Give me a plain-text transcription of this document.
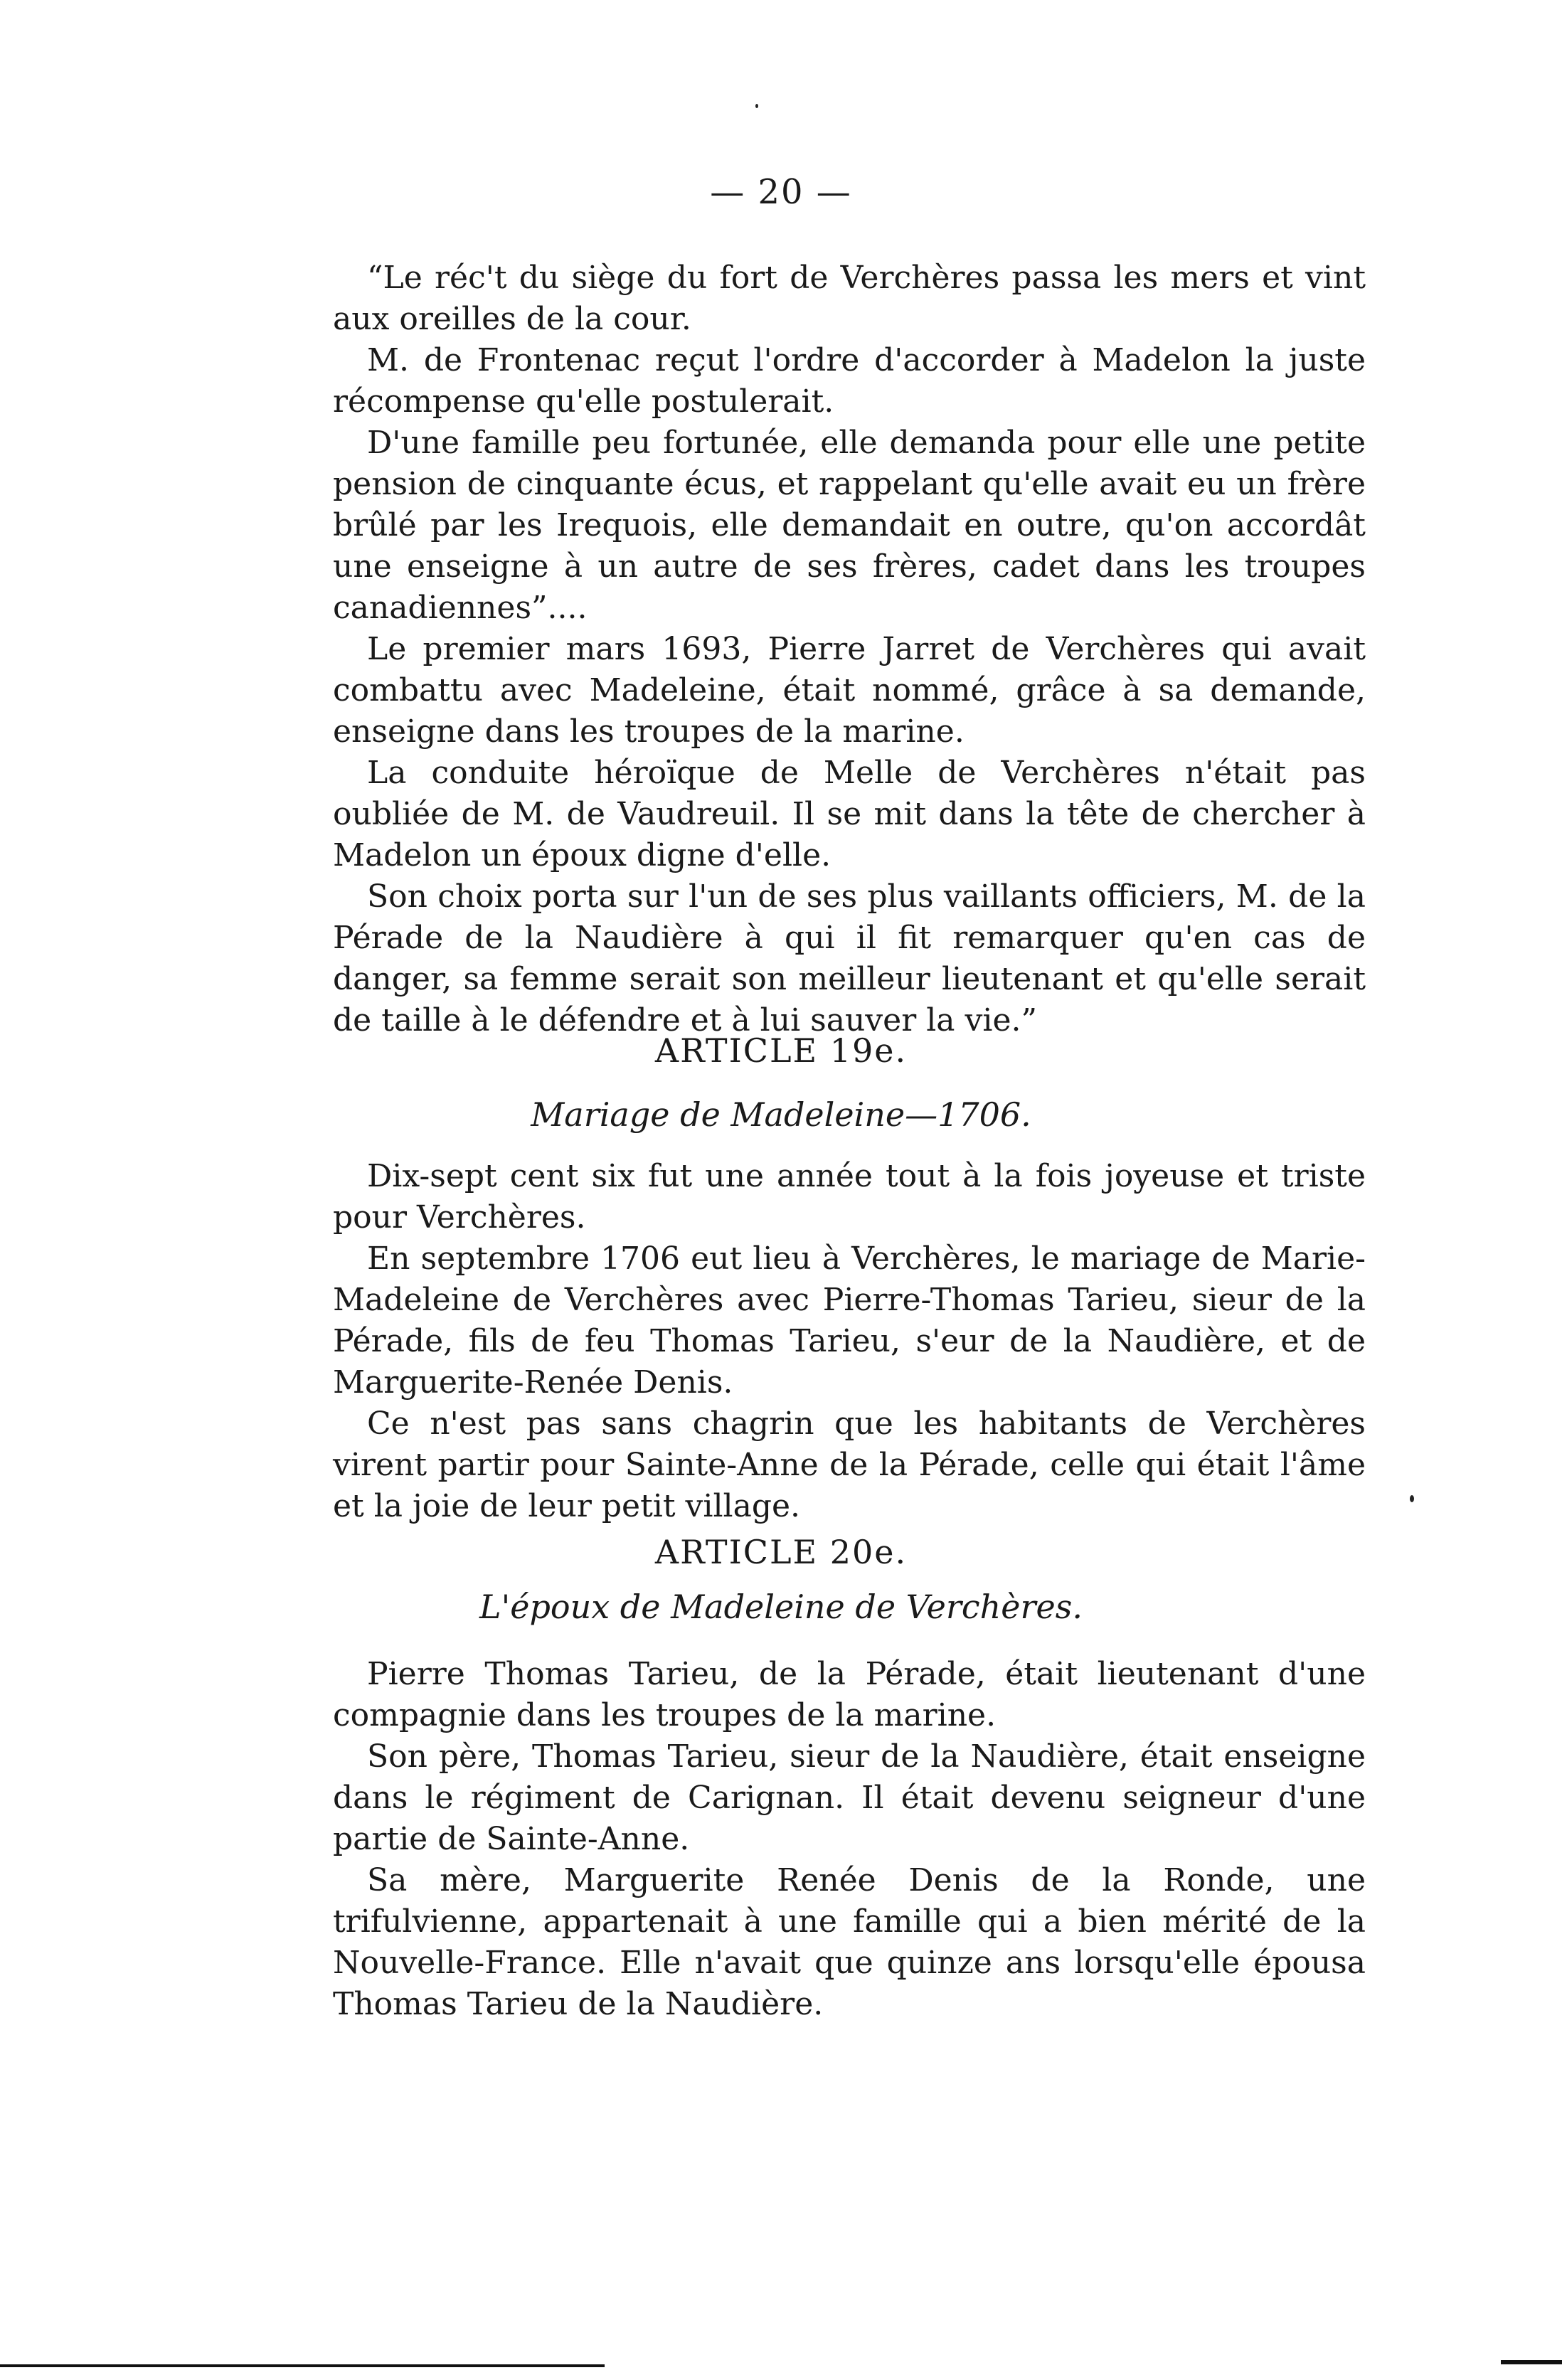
— 20 —

“Le réc't du siège du fort de Verchères passa les mers et vint aux oreilles de la cour.

M. de Frontenac reçut l'ordre d'accorder à Madelon la juste récompense qu'elle postulerait.

D'une famille peu fortunée, elle demanda pour elle une petite pension de cinquante écus, et rappelant qu'elle avait eu un frère brûlé par les Irequois, elle demandait en outre, qu'on accordât une enseigne à un autre de ses frères, cadet dans les troupes canadiennes”....

Le premier mars 1693, Pierre Jarret de Verchères qui avait combattu avec Madeleine, était nommé, grâce à sa demande, enseigne dans les troupes de la marine.

La conduite héroïque de Melle de Verchères n'était pas oubliée de M. de Vaudreuil. Il se mit dans la tête de chercher à Madelon un époux digne d'elle.

Son choix porta sur l'un de ses plus vaillants officiers, M. de la Pérade de la Naudière à qui il fit remarquer qu'en cas de danger, sa femme serait son meilleur lieutenant et qu'elle serait de taille à le défendre et à lui sauver la vie.”

ARTICLE 19e.
Mariage de Madeleine—1706.

Dix-sept cent six fut une année tout à la fois joyeuse et triste pour Verchères.

En septembre 1706 eut lieu à Verchères, le mariage de Marie-Madeleine de Verchères avec Pierre-Thomas Tarieu, sieur de la Pérade, fils de feu Thomas Tarieu, s'eur de la Naudière, et de Marguerite-Renée Denis.

Ce n'est pas sans chagrin que les habitants de Verchères virent partir pour Sainte-Anne de la Pérade, celle qui était l'âme et la joie de leur petit village.

ARTICLE 20e.
L'époux de Madeleine de Verchères.

Pierre Thomas Tarieu, de la Pérade, était lieutenant d'une compagnie dans les troupes de la marine.

Son père, Thomas Tarieu, sieur de la Naudière, était enseigne dans le régiment de Carignan. Il était devenu seigneur d'une partie de Sainte-Anne.

Sa mère, Marguerite Renée Denis de la Ronde, une trifulvienne, appartenait à une famille qui a bien mérité de la Nouvelle-France. Elle n'avait que quinze ans lorsqu'elle épousa Thomas Tarieu de la Naudière.
